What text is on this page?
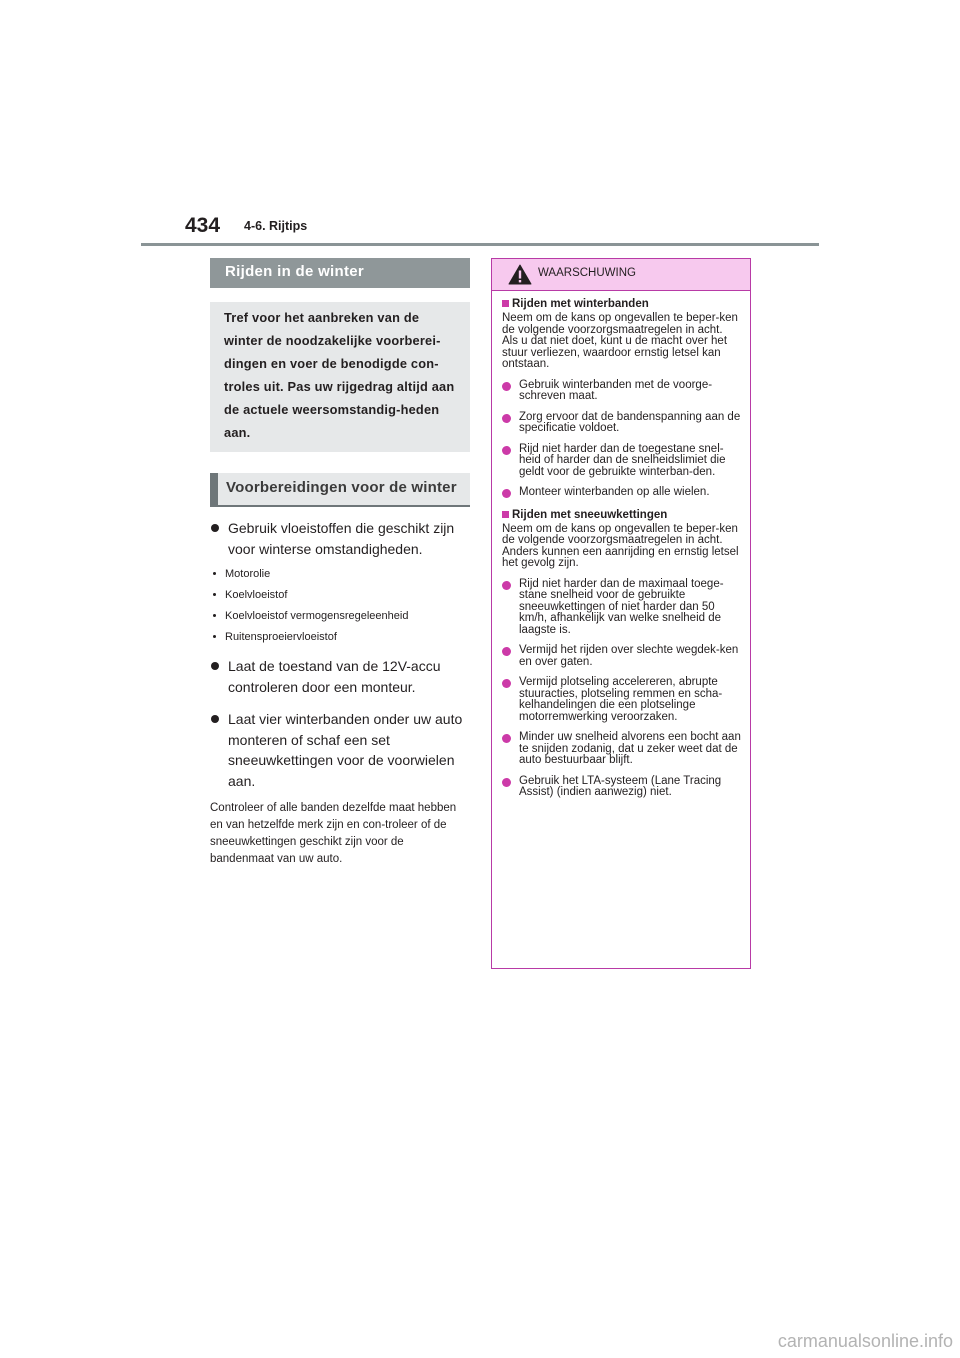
434 4-6. Rijtips
Rijden in de winter
Tref voor het aanbreken van de winter de noodzakelijke voorberei-dingen en voer de benodigde con-troles uit. Pas uw rijgedrag altijd aan de actuele weersomstandig-heden aan.
Voorbereidingen voor de winter
Gebruik vloeistoffen die geschikt zijn voor winterse omstandigheden.
Motorolie
Koelvloeistof
Koelvloeistof vermogensregeleenheid
Ruitensproeiervloeistof
Laat de toestand van de 12V-accu controleren door een monteur.
Laat vier winterbanden onder uw auto monteren of schaf een set sneeuwkettingen voor de voorwielen aan.
Controleer of alle banden dezelfde maat hebben en van hetzelfde merk zijn en con-troleer of de sneeuwkettingen geschikt zijn voor de bandenmaat van uw auto.
WAARSCHUWING
Rijden met winterbanden
Neem om de kans op ongevallen te beper-ken de volgende voorzorgsmaatregelen in acht.
Als u dat niet doet, kunt u de macht over het stuur verliezen, waardoor ernstig letsel kan ontstaan.
Gebruik winterbanden met de voorge-schreven maat.
Zorg ervoor dat de bandenspanning aan de specificatie voldoet.
Rijd niet harder dan de toegestane snel-heid of harder dan de snelheidslimiet die geldt voor de gebruikte winterban-den.
Monteer winterbanden op alle wielen.
Rijden met sneeuwkettingen
Neem om de kans op ongevallen te beper-ken de volgende voorzorgsmaatregelen in acht.
Anders kunnen een aanrijding en ernstig letsel het gevolg zijn.
Rijd niet harder dan de maximaal toege-stane snelheid voor de gebruikte sneeuwkettingen of niet harder dan 50 km/h, afhankelijk van welke snelheid de laagste is.
Vermijd het rijden over slechte wegdek-ken en over gaten.
Vermijd plotseling accelereren, abrupte stuuracties, plotseling remmen en scha-kelhandelingen die een plotselinge motorremwerking veroorzaken.
Minder uw snelheid alvorens een bocht aan te snijden zodanig, dat u zeker weet dat de auto bestuurbaar blijft.
Gebruik het LTA-systeem (Lane Tracing Assist) (indien aanwezig) niet.
carmanualsonline.info
